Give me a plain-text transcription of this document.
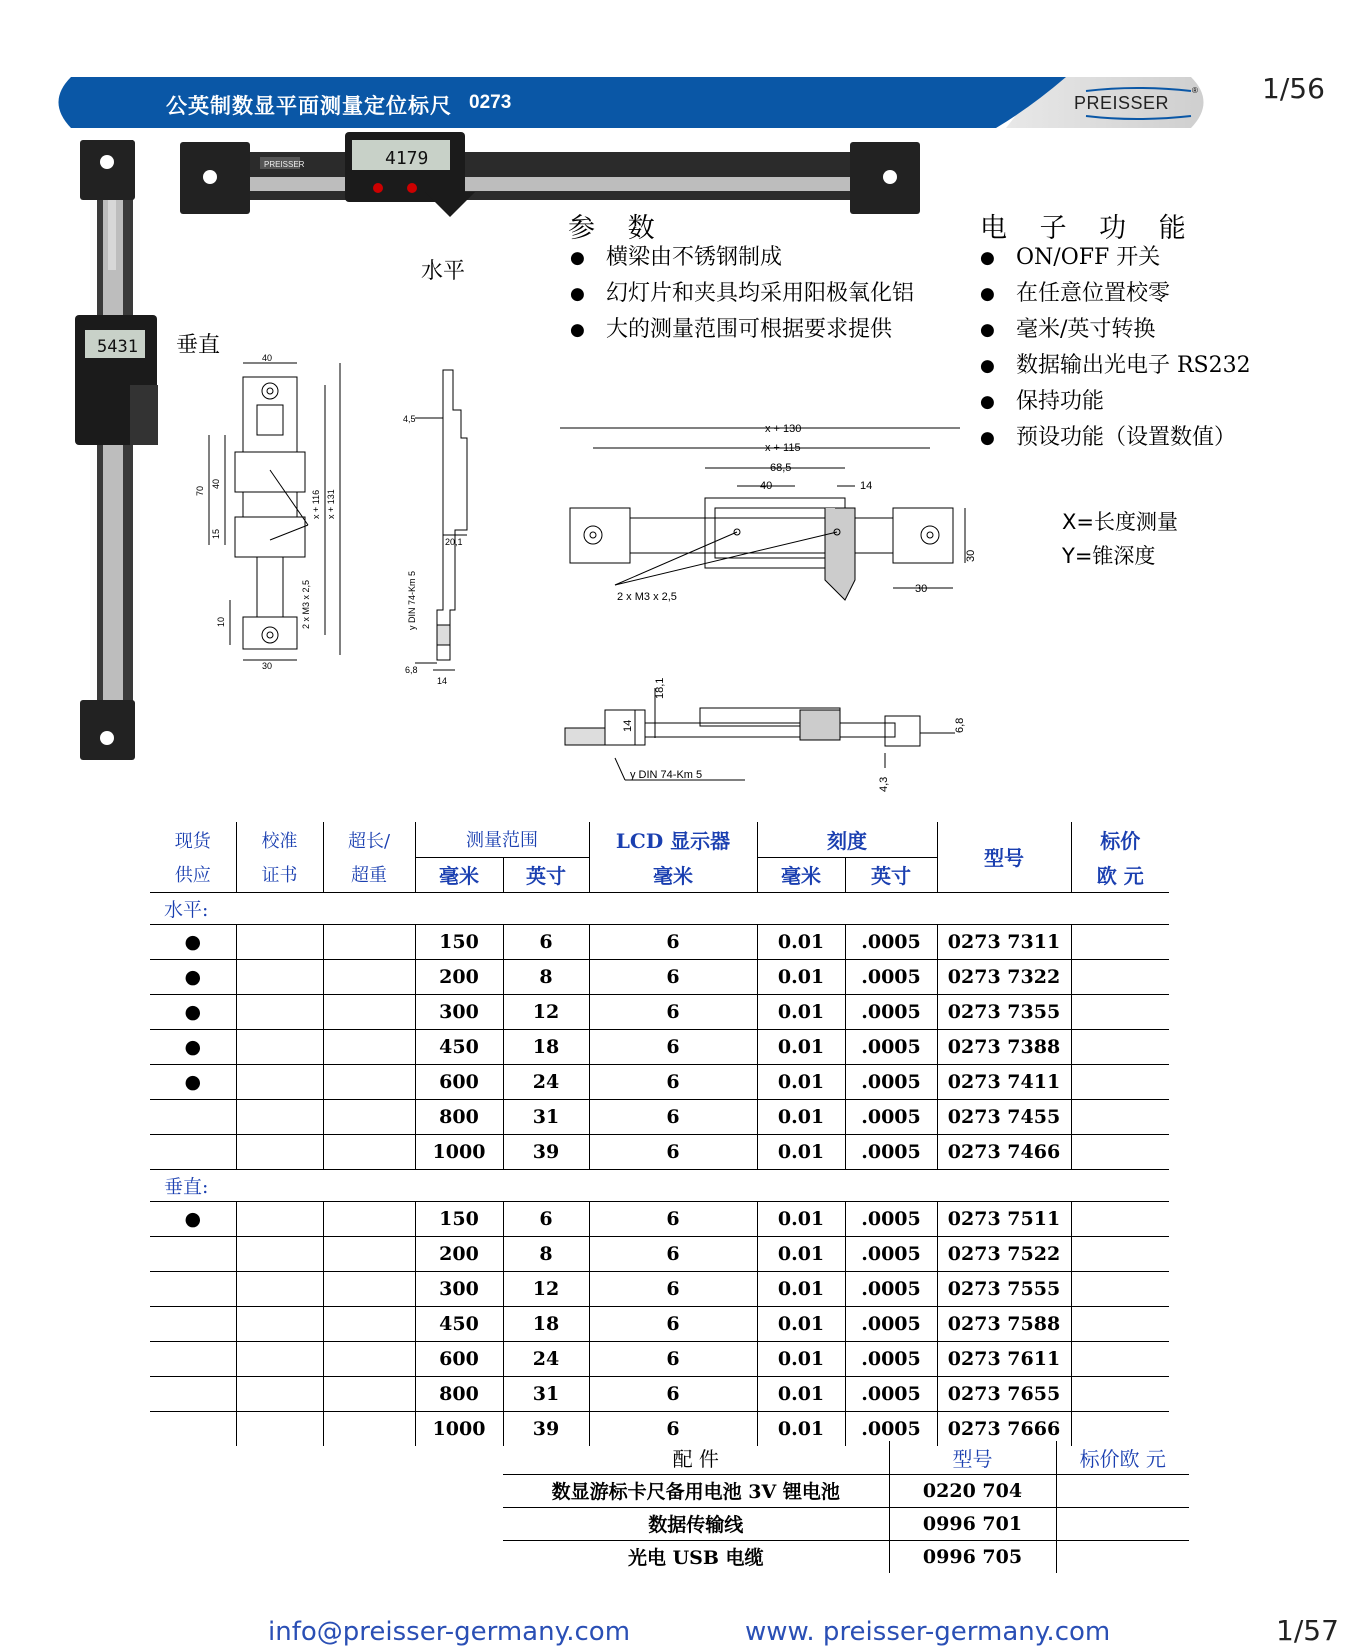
公英制数显平面测量定位标尺 0273
®
PREISSER	1/56
5431
PREISSER	4179
水平
垂直
参 数
● 横梁由不锈钢制成
● 幻灯片和夹具均采用阳极氧化铝
● 大的测量范围可根据要求提供
电 子 功 能
● ON/OFF 开关
● 在任意位置校零
● 毫米/英寸转换
● 数据输出光电子 RS232
● 保持功能
● 预设功能（设置数值）
X=长度测量
Y=锥深度
40
70
40
15
10
30
x + 116 x + 131
2 x M3 x 2,5
4,5
20,1
6,8
14
y DIN 74-Km 5
x + 130
x + 115
68,5
40	14
30
30
2 x M3 x 2,5
18,1
14	6,8
4,3
y DIN 74-Km 5
现货	校准	超长/	测量范围		LCD 显示器	刻度		型号	标价
供应	证书	超重	毫米	英寸	毫米	毫米	英寸		欧 元
水平:									
●			150	6	6	0.01	.0005	0273 7311	
●			200	8	6	0.01	.0005	0273 7322	
●			300	12	6	0.01	.0005	0273 7355	
●			450	18	6	0.01	.0005	0273 7388	
●			600	24	6	0.01	.0005	0273 7411	
			800	31	6	0.01	.0005	0273 7455	
			1000	39	6	0.01	.0005	0273 7466	
垂直:									
●			150	6	6	0.01	.0005	0273 7511	
			200	8	6	0.01	.0005	0273 7522	
			300	12	6	0.01	.0005	0273 7555	
			450	18	6	0.01	.0005	0273 7588	
			600	24	6	0.01	.0005	0273 7611	
			800	31	6	0.01	.0005	0273 7655	
			1000	39	6	0.01	.0005	0273 7666	
配 件	型号	标价欧 元
数显游标卡尺备用电池 3V 锂电池	0220 704	
数据传输线	0996 701	
光电 USB 电缆	0996 705	
info@preisser-germany.com	www. preisser-germany.com	1/57
